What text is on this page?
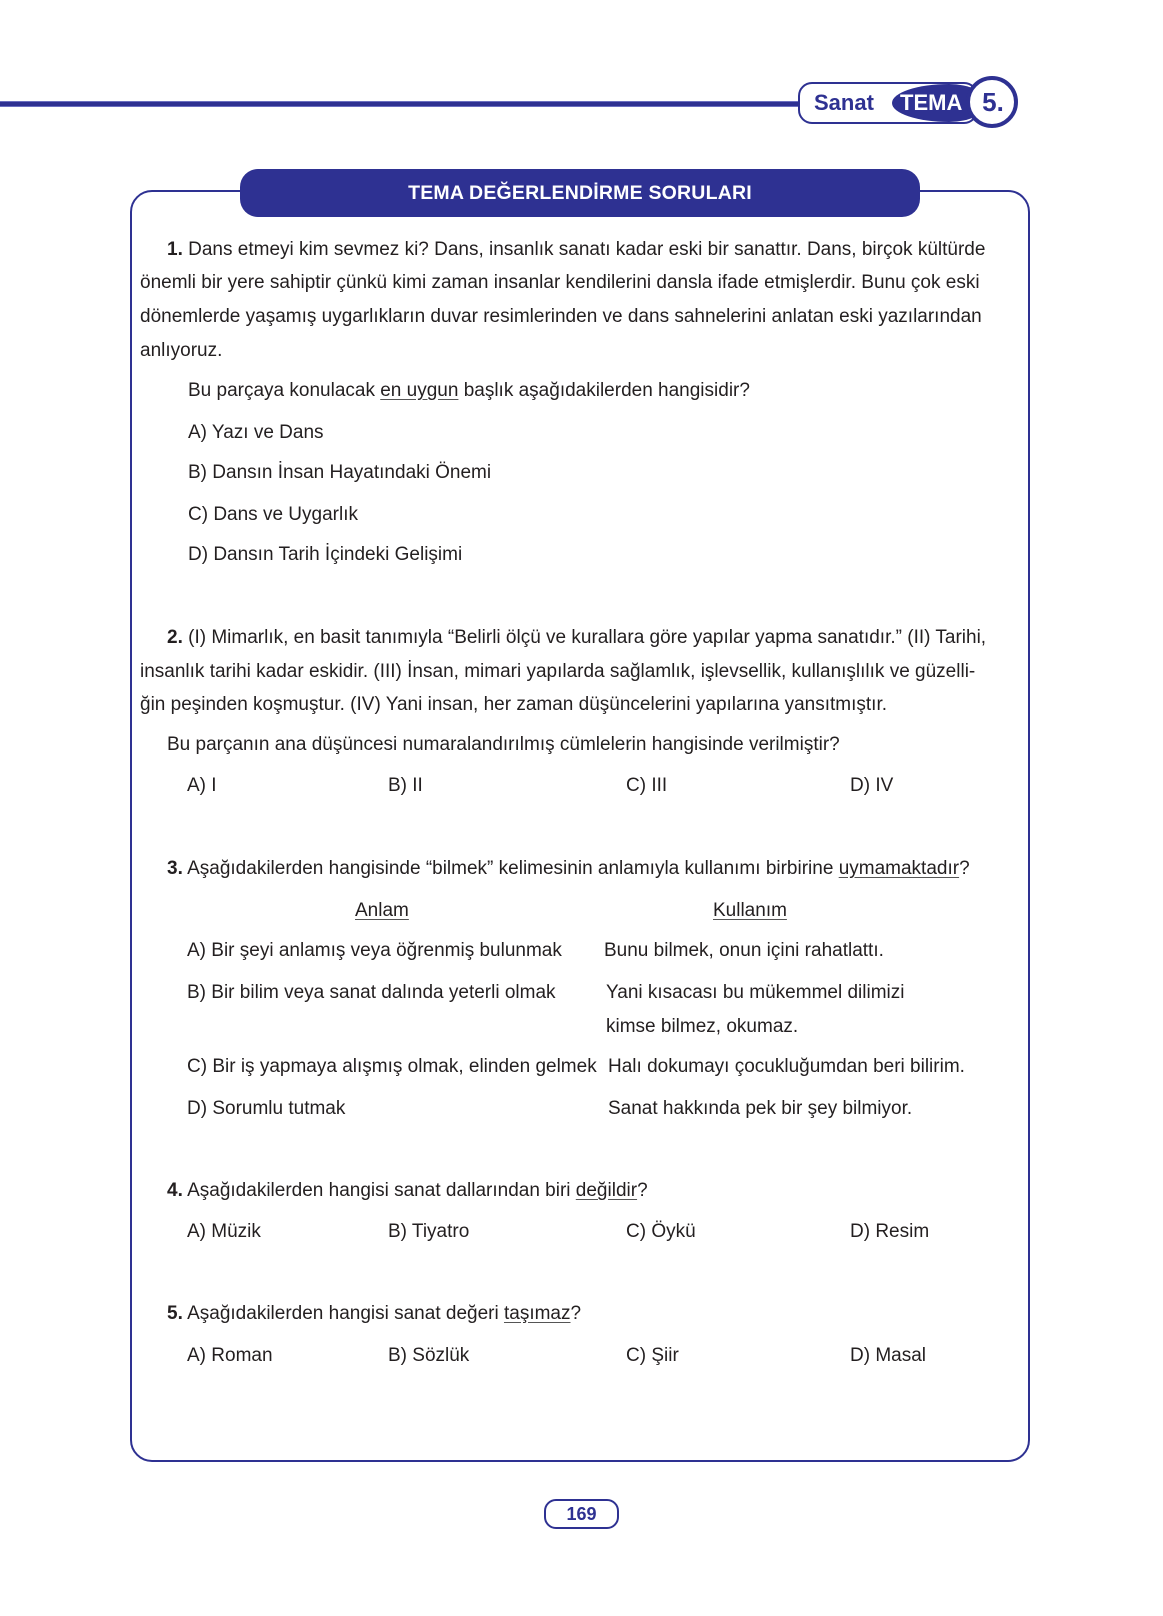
Sanat TEMA 5.
TEMA DEĞERLENDİRME SORULARI
1. Dans etmeyi kim sevmez ki? Dans, insanlık sanatı kadar eski bir sanattır. Dans, birçok kültürde
önemli bir yere sahiptir çünkü kimi zaman insanlar kendilerini dansla ifade etmişlerdir. Bunu çok eski
dönemlerde yaşamış uygarlıkların duvar resimlerinden ve dans sahnelerini anlatan eski yazılarından
anlıyoruz.
Bu parçaya konulacak en uygun başlık aşağıdakilerden hangisidir?
A) Yazı ve Dans
B) Dansın İnsan Hayatındaki Önemi
C) Dans ve Uygarlık
D) Dansın Tarih İçindeki Gelişimi
2. (I) Mimarlık, en basit tanımıyla “Belirli ölçü ve kurallara göre yapılar yapma sanatıdır.” (II) Tarihi,
insanlık tarihi kadar eskidir. (III) İnsan, mimari yapılarda sağlamlık, işlevsellik, kullanışlılık ve güzelli-
ğin peşinden koşmuştur. (IV) Yani insan, her zaman düşüncelerini yapılarına yansıtmıştır.
Bu parçanın ana düşüncesi numaralandırılmış cümlelerin hangisinde verilmiştir?
A) I	B) II	C) III	D) IV
3. Aşağıdakilerden hangisinde “bilmek” kelimesinin anlamıyla kullanımı birbirine uymamaktadır?
Anlam	Kullanım
A) Bir şeyi anlamış veya öğrenmiş bulunmak Bunu bilmek, onun içini rahatlattı.
B) Bir bilim veya sanat dalında yeterli olmak	Yani kısacası bu mükemmel dilimizi
kimse bilmez, okumaz.
C) Bir iş yapmaya alışmış olmak, elinden gelmek Halı dokumayı çocukluğumdan beri bilirim.
D) Sorumlu tutmak	Sanat hakkında pek bir şey bilmiyor.
4. Aşağıdakilerden hangisi sanat dallarından biri değildir?
A) Müzik	B) Tiyatro	C) Öykü	D) Resim
5. Aşağıdakilerden hangisi sanat değeri taşımaz?
A) Roman	B) Sözlük	C) Şiir	D) Masal
169
